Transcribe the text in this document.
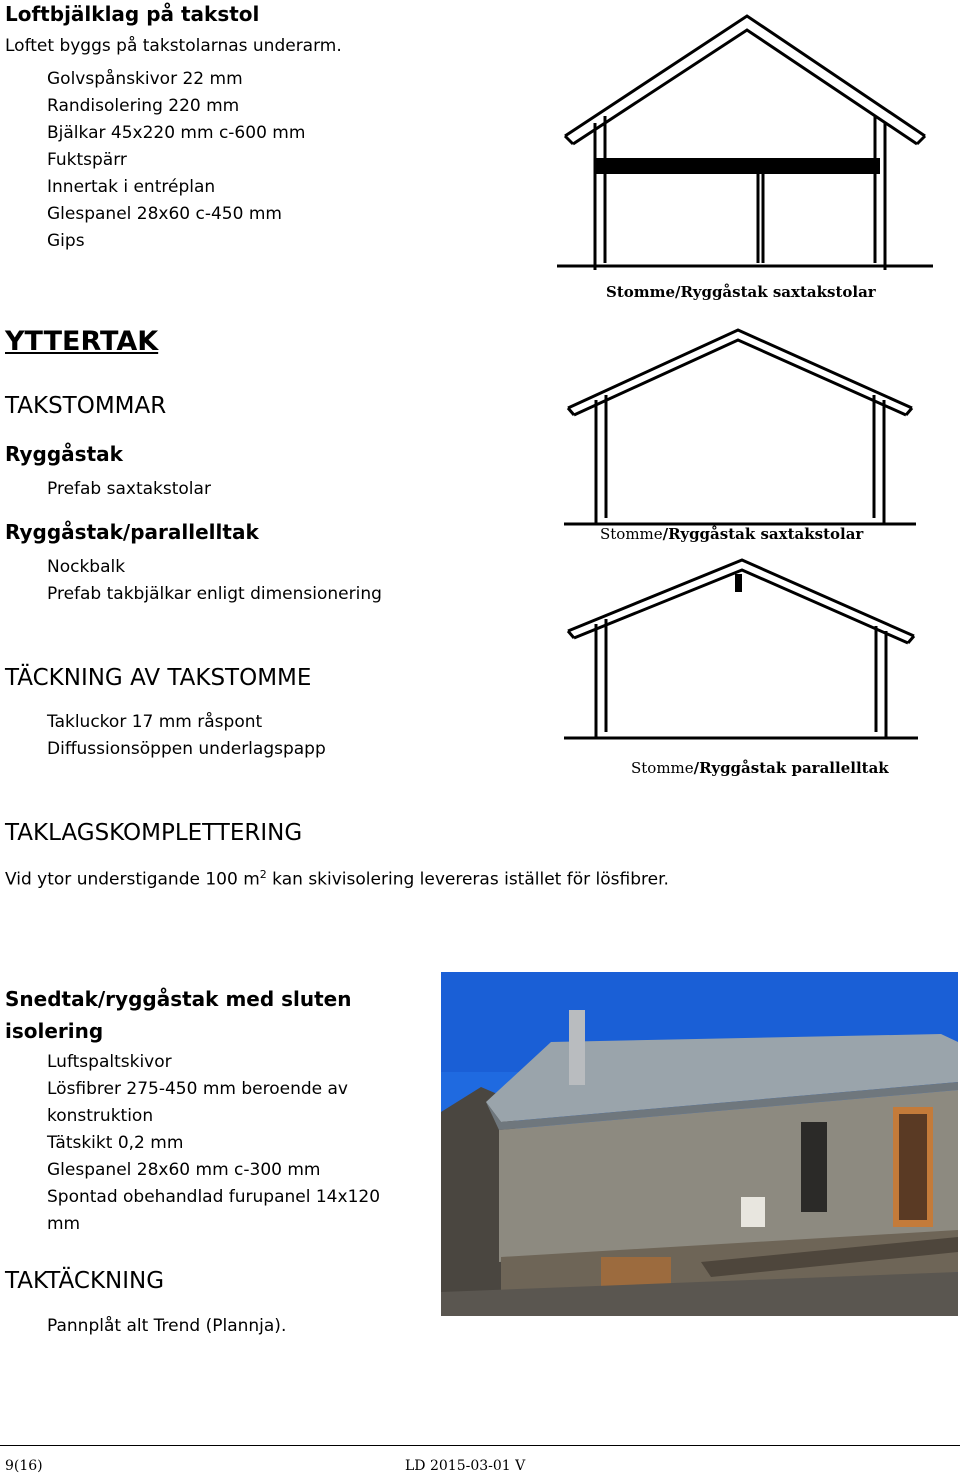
Loftbjälklag på takstol
Loftet byggs på takstolarnas underarm.
Golvspånskivor 22 mm
Randisolering 220 mm
Bjälkar 45x220 mm c-600 mm
Fuktspärr
Innertak i entréplan
Glespanel 28x60 c-450 mm
Gips
Stomme/Ryggåstak saxtakstolar
YTTERTAK
TAKSTOMMAR
Ryggåstak
Prefab saxtakstolar
Ryggåstak/parallelltak
Nockbalk
Prefab takbjälkar enligt dimensionering
Stomme/Ryggåstak saxtakstolar
Stomme/Ryggåstak parallelltak
TÄCKNING AV TAKSTOMME
Takluckor 17 mm råspont
Diffussionsöppen underlagspapp
TAKLAGSKOMPLETTERING
Vid ytor understigande 100 $m^2$ kan skivisolering levereras istället för lösfibrer.
Snedtak/ryggåstak med sluten
isolering
Luftspaltskivor
Lösfibrer 275-450 mm beroende av
konstruktion
Tätskikt 0,2 mm
Glespanel 28x60 mm c-300 mm
Spontad obehandlad furupanel 14x120
mm
TAKTÄCKNING
Pannplåt alt Trend (Plannja).
9(16)	LD 2015-03-01 V
